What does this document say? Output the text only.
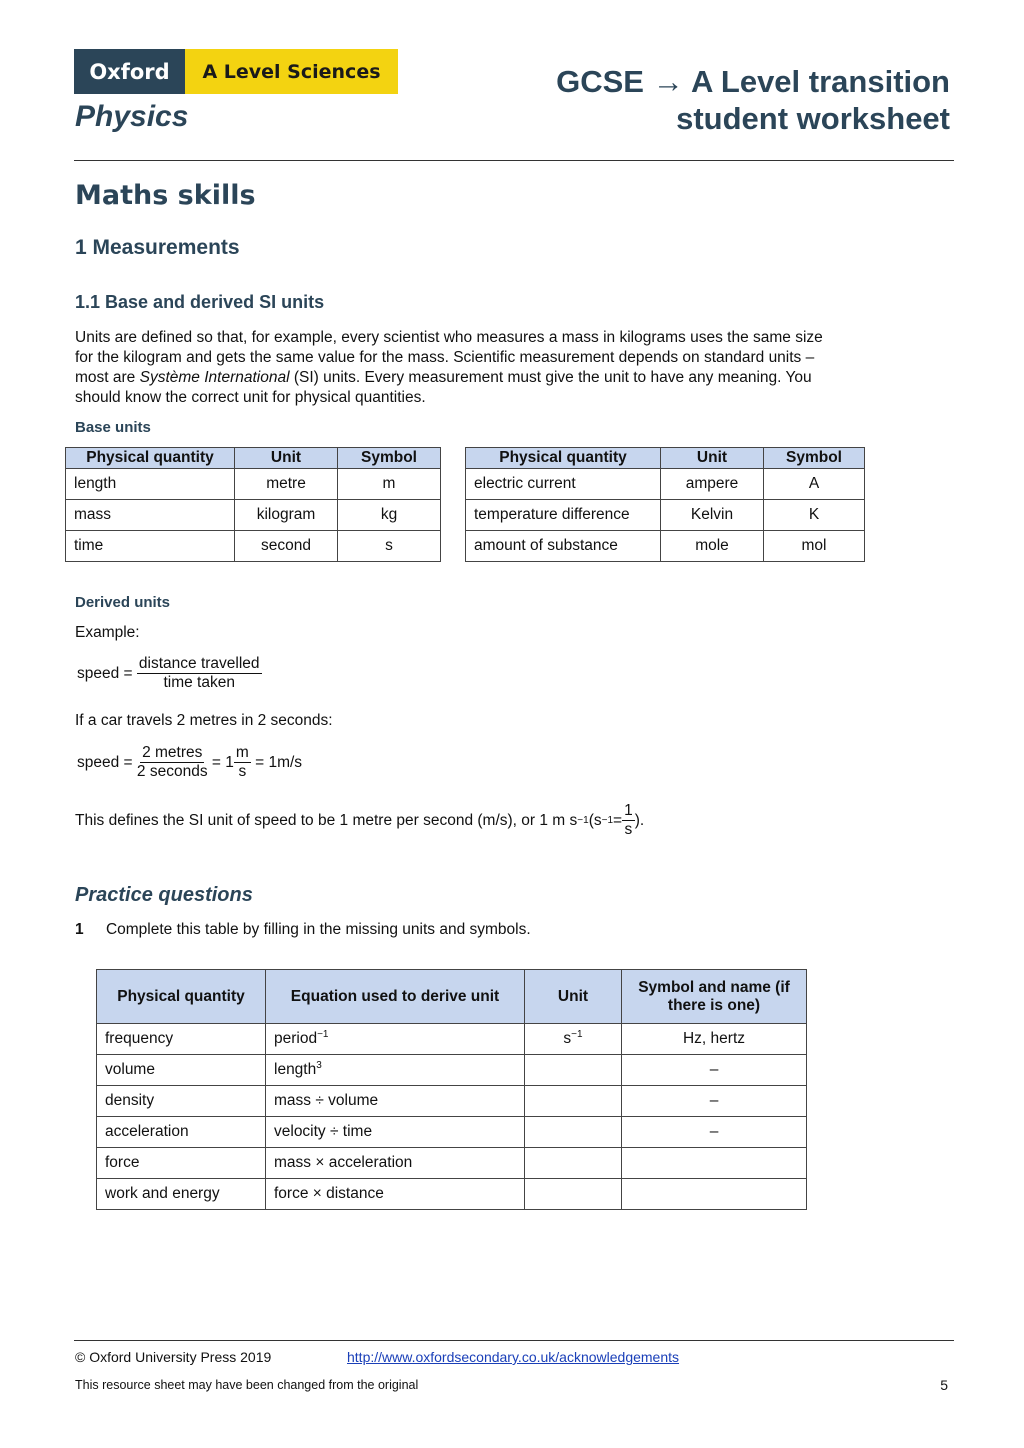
Oxford	A Level Sciences
Physics
GCSE → A Level transition
student worksheet
Maths skills
1 Measurements
1.1 Base and derived SI units
Units are defined so that, for example, every scientist who measures a mass in kilograms uses the same size for the kilogram and gets the same value for the mass. Scientific measurement depends on standard units – most are Système International (SI) units. Every measurement must give the unit to have any meaning. You should know the correct unit for physical quantities.
Base units
Physical quantity	Unit	Symbol
length	metre	m
mass	kilogram	kg
time	second	s
Physical quantity	Unit	Symbol
electric current	ampere	A
temperature difference	Kelvin	K
amount of substance	mole	mol
Derived units
Example:
speed =
$\frac{\text{distance travelled}}{\text{time taken}}$
If a car travels 2 metres in 2 seconds:
speed =
$\frac{\text{2 metres}}{\text{2 seconds}}$
= $1 \frac{m}{s}$
= 1m/s
This defines the SI unit of speed to be 1 metre per second (m/s), or 1 m s −1 ($s -1 = \frac{1}{s}$ ).
Practice questions
1 Complete this table by filling in the missing units and symbols.
Physical quantity	Equation used to derive unit	Unit	Symbol and name (if there is one)
frequency	period$^{-1}$	$s^{-1}$	Hz, hertz
volume	length$^3$		–
density	mass ÷ volume		–
acceleration	velocity ÷ time		–
force	mass × acceleration		
work and energy	force × distance		
© Oxford University Press 2019	http://www.oxfordsecondary.co.uk/acknowledgements
This resource sheet may have been changed from the original	5
